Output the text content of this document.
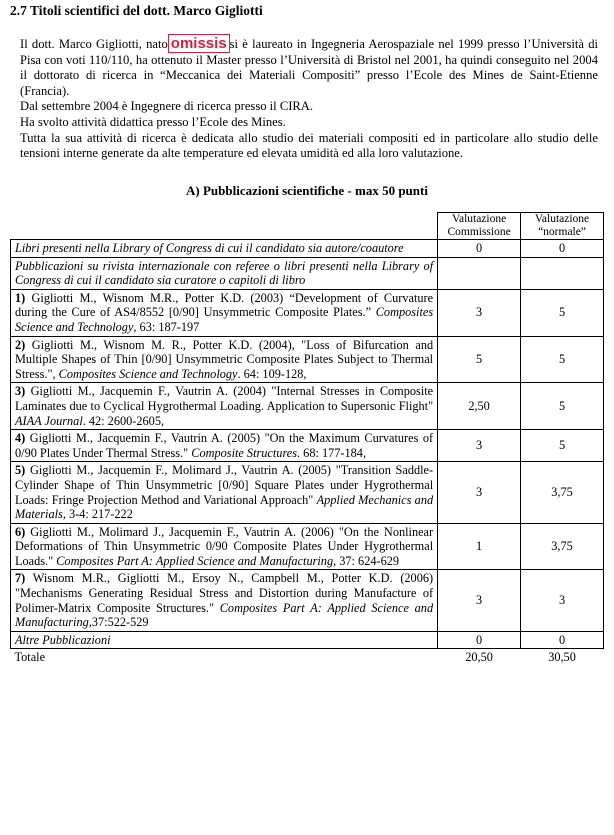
2.7 Titoli scientifici del dott. Marco Gigliotti

Il dott. Marco Gigliotti, nato omissis si è laureato in Ingegneria Aerospaziale nel 1999 presso l’Università di Pisa con voti 110/110, ha ottenuto il Master presso l’Università di Bristol nel 2001, ha quindi conseguito nel 2004 il dottorato di ricerca in “Meccanica dei Materiali Compositi” presso l’Ecole des Mines de Saint-Etienne (Francia).

Dal settembre 2004 è Ingegnere di ricerca presso il CIRA.

Ha svolto attività didattica presso l’Ecole des Mines.

Tutta la sua attività di ricerca è dedicata allo studio dei materiali compositi ed in particolare allo studio delle tensioni interne generate da alte temperature ed elevata umidità ed alla loro valutazione.

A) Pubblicazioni scientifiche - max 50 punti
	Valutazione Commissione	Valutazione “normale”
Libri presenti nella Library of Congress di cui il candidato sia autore/coautore	0	0
Pubblicazioni su rivista internazionale con referee o libri presenti nella Library of Congress di cui il candidato sia curatore o capitoli di libro		
1) Gigliotti M., Wisnom M.R., Potter K.D. (2003) “Development of Curvature during the Cure of AS4/8552 [0/90] Unsymmetric Composite Plates.” Composites Science and Technology, 63: 187-197	3	5
2) Gigliotti M., Wisnom M. R., Potter K.D. (2004), "Loss of Bifurcation and Multiple Shapes of Thin [0/90] Unsymmetric Composite Plates Subject to Thermal Stress.", Composites Science and Technology. 64: 109-128,	5	5
3) Gigliotti M., Jacquemin F., Vautrin A. (2004) "Internal Stresses in Composite Laminates due to Cyclical Hygrothermal Loading. Application to Supersonic Flight" AIAA Journal. 42: 2600-2605,	2,50	5
4) Gigliotti M., Jacquemin F., Vautrin A. (2005) "On the Maximum Curvatures of 0/90 Plates Under Thermal Stress." Composite Structures. 68: 177-184,	3	5
5) Gigliotti M., Jacquemin F., Molimard J., Vautrin A. (2005) "Transition Saddle-Cylinder Shape of Thin Unsymmetric [0/90] Square Plates under Hygrothermal Loads: Fringe Projection Method and Variational Approach" Applied Mechanics and Materials, 3-4: 217-222	3	3,75
6) Gigliotti M., Molimard J., Jacquemin F., Vautrin A. (2006) "On the Nonlinear Deformations of Thin Unsymmetric 0/90 Composite Plates Under Hygrothermal Loads." Composites Part A: Applied Science and Manufacturing, 37: 624-629	1	3,75
7) Wisnom M.R., Gigliotti M., Ersoy N., Campbell M., Potter K.D. (2006) "Mechanisms Generating Residual Stress and Distortion during Manufacture of Polimer-Matrix Composite Structures." Composites Part A: Applied Science and Manufacturing,37:522-529	3	3
Altre Pubblicazioni	0	0
Totale	20,50	30,50
